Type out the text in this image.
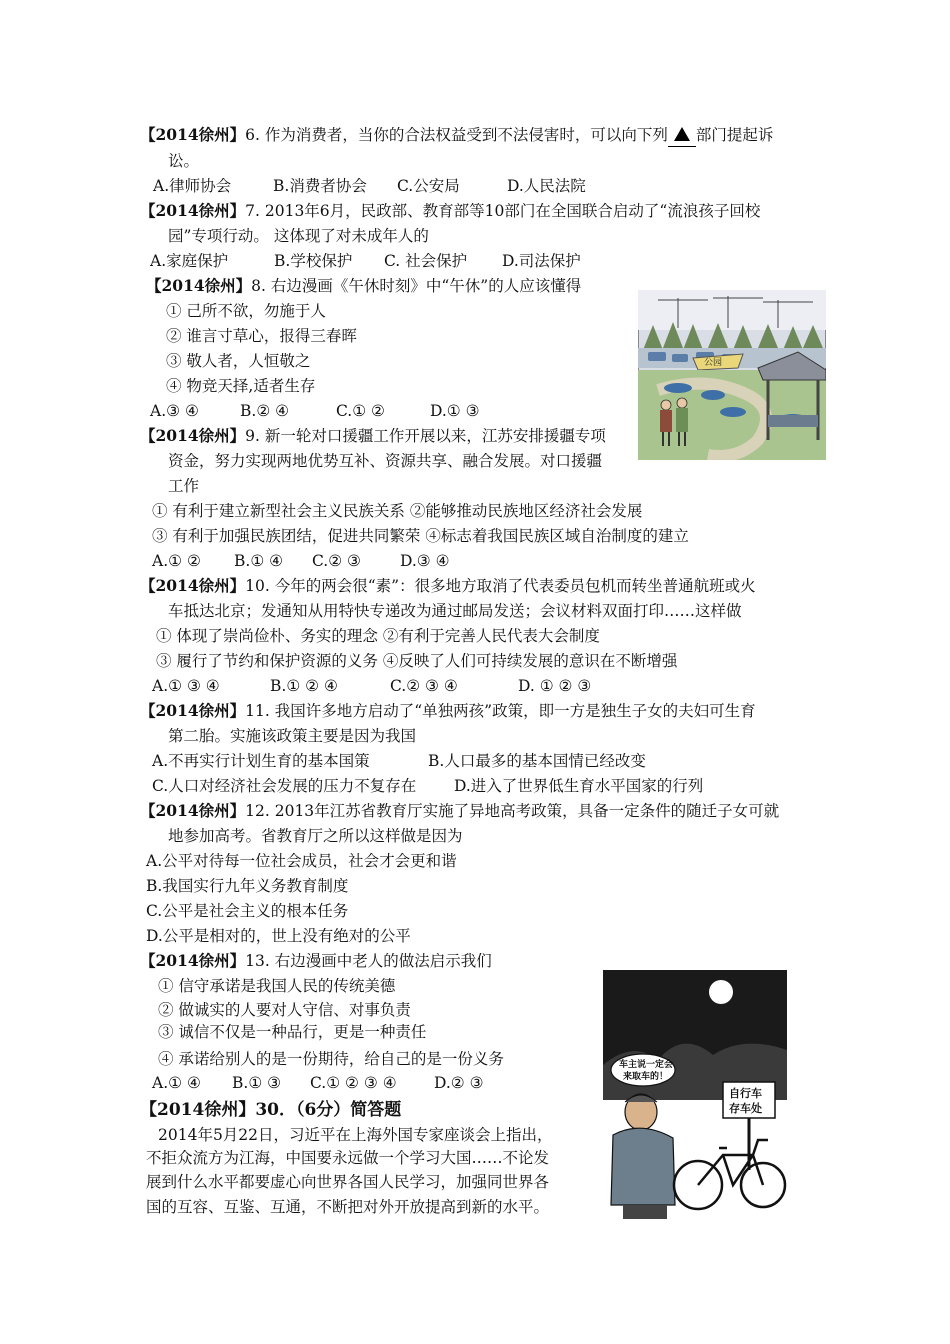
【2014徐州】6. 作为消费者，当你的合法权益受到不法侵害时，可以向下列 部门提起诉
讼。
A.律师协会	B.消费者协会 C.公安局	D.人民法院
【2014徐州】7. 2013年6月，民政部、教育部等10部门在全国联合启动了“流浪孩子回校
园”专项行动。 这体现了对未成年人的
A.家庭保护	B.学校保护 C. 社会保护 D.司法保护
【2014徐州】8. 右边漫画《午休时刻》中“午休”的人应该懂得
① 己所不欲，勿施于人
② 谁言寸草心，报得三春晖
③ 敬人者，人恒敬之
④ 物竞天择,适者生存
A.③ ④	B.② ④	C.① ②	D.① ③
公园
【2014徐州】9. 新一轮对口援疆工作开展以来，江苏安排援疆专项
资金，努力实现两地优势互补、资源共享、融合发展。对口援疆
工作
① 有利于建立新型社会主义民族关系 ②能够推动民族地区经济社会发展
③ 有利于加强民族团结，促进共同繁荣 ④标志着我国民族区域自治制度的建立
A.① ② B.① ④ C.② ③	D.③ ④
【2014徐州】10. 今年的两会很“素”：很多地方取消了代表委员包机而转坐普通航班或火
车抵达北京；发通知从用特快专递改为通过邮局发送；会议材料双面打印……这样做
① 体现了崇尚俭朴、务实的理念 ②有利于完善人民代表大会制度
③ 履行了节约和保护资源的义务 ④反映了人们可持续发展的意识在不断增强
A.① ③ ④	B.① ② ④	C.② ③ ④	D. ① ② ③
【2014徐州】11. 我国许多地方启动了“单独两孩”政策，即一方是独生子女的夫妇可生育
第二胎。实施该政策主要是因为我国
A.不再实行计划生育的基本国策	B.人口最多的基本国情已经改变
C.人口对经济社会发展的压力不复存在 D.进入了世界低生育水平国家的行列
【2014徐州】12. 2013年江苏省教育厅实施了异地高考政策，具备一定条件的随迁子女可就
地参加高考。省教育厅之所以这样做是因为
A.公平对待每一位社会成员，社会才会更和谐
B.我国实行九年义务教育制度
C.公平是社会主义的根本任务
D.公平是相对的，世上没有绝对的公平
【2014徐州】13. 右边漫画中老人的做法启示我们
① 信守承诺是我国人民的传统美德
② 做诚实的人要对人守信、对事负责
③ 诚信不仅是一种品行，更是一种责任
④ 承诺给别人的是一份期待，给自己的是一份义务
A.① ④ B.① ③ C.① ② ③ ④ D.② ③
车主说一定会
来取车的！
自行车
存车处
【2014徐州】30．（6分）简答题
2014年5月22日，习近平在上海外国专家座谈会上指出，
不拒众流方为江海，中国要永远做一个学习大国……不论发
展到什么水平都要虚心向世界各国人民学习，加强同世界各
国的互容、互鉴、互通，不断把对外开放提高到新的水平。
